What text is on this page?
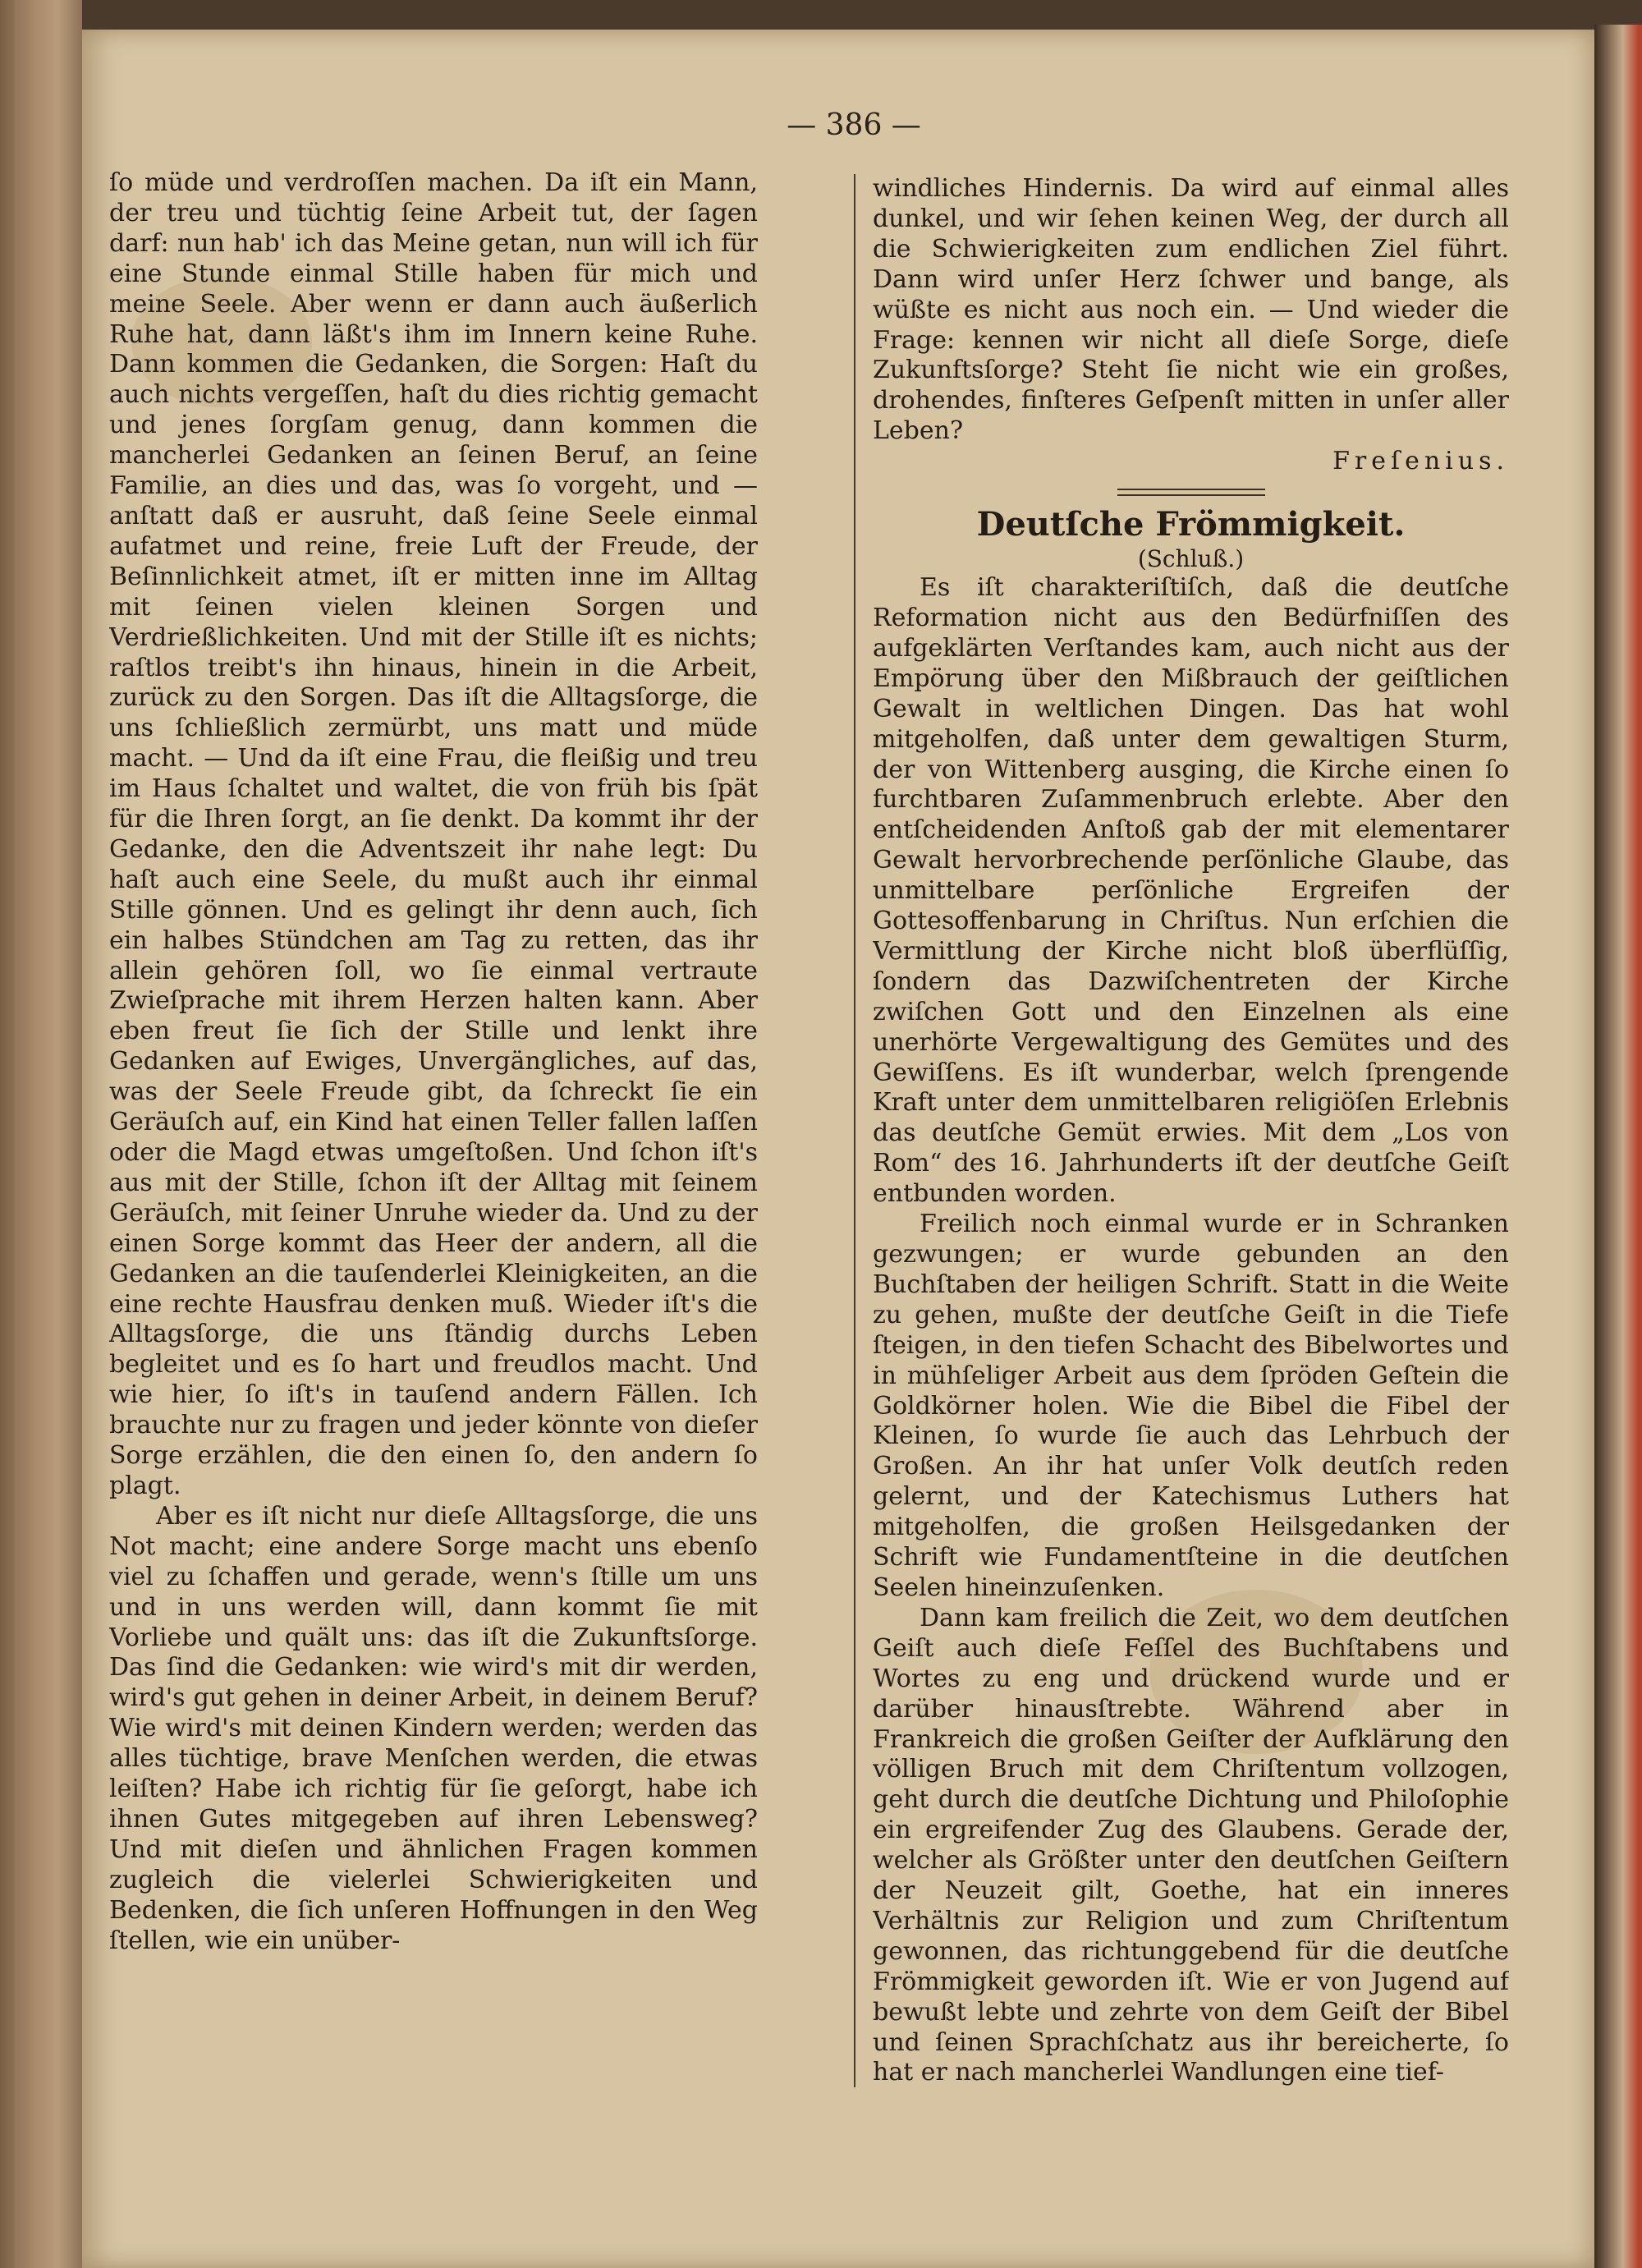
— 386 —

ſo müde und verdroſſen machen. Da iſt ein Mann, der treu und tüchtig ſeine Arbeit tut, der ſagen darf: nun hab' ich das Meine getan, nun will ich für eine Stunde einmal Stille haben für mich und meine Seele. Aber wenn er dann auch äußerlich Ruhe hat, dann läßt's ihm im Innern keine Ruhe. Dann kommen die Gedanken, die Sorgen: Haſt du auch nichts vergeſſen, haſt du dies richtig gemacht und jenes ſorgſam genug, dann kommen die mancherlei Gedanken an ſeinen Beruf, an ſeine Familie, an dies und das, was ſo vorgeht, und — anſtatt daß er ausruht, daß ſeine Seele einmal aufatmet und reine, freie Luft der Freude, der Beſinnlichkeit atmet, iſt er mitten inne im Alltag mit ſeinen vielen kleinen Sorgen und Verdrießlichkeiten. Und mit der Stille iſt es nichts; raſtlos treibt's ihn hinaus, hinein in die Arbeit, zurück zu den Sorgen. Das iſt die Alltagsſorge, die uns ſchließlich zermürbt, uns matt und müde macht. — Und da iſt eine Frau, die fleißig und treu im Haus ſchaltet und waltet, die von früh bis ſpät für die Ihren ſorgt, an ſie denkt. Da kommt ihr der Gedanke, den die Adventszeit ihr nahe legt: Du haſt auch eine Seele, du mußt auch ihr einmal Stille gönnen. Und es gelingt ihr denn auch, ſich ein halbes Stündchen am Tag zu retten, das ihr allein gehören ſoll, wo ſie einmal vertraute Zwieſprache mit ihrem Herzen halten kann. Aber eben freut ſie ſich der Stille und lenkt ihre Gedanken auf Ewiges, Unvergängliches, auf das, was der Seele Freude gibt, da ſchreckt ſie ein Geräuſch auf, ein Kind hat einen Teller fallen laſſen oder die Magd etwas umgeſtoßen. Und ſchon iſt's aus mit der Stille, ſchon iſt der Alltag mit ſeinem Geräuſch, mit ſeiner Unruhe wieder da. Und zu der einen Sorge kommt das Heer der andern, all die Gedanken an die tauſenderlei Kleinigkeiten, an die eine rechte Hausfrau denken muß. Wieder iſt's die Alltagsſorge, die uns ſtändig durchs Leben begleitet und es ſo hart und freudlos macht. Und wie hier, ſo iſt's in tauſend andern Fällen. Ich brauchte nur zu fragen und jeder könnte von dieſer Sorge erzählen, die den einen ſo, den andern ſo plagt.

Aber es iſt nicht nur dieſe Alltagsſorge, die uns Not macht; eine andere Sorge macht uns ebenſo viel zu ſchaffen und gerade, wenn's ſtille um uns und in uns werden will, dann kommt ſie mit Vorliebe und quält uns: das iſt die Zukunftsſorge. Das ſind die Gedanken: wie wird's mit dir werden, wird's gut gehen in deiner Arbeit, in deinem Beruf? Wie wird's mit deinen Kindern werden; werden das alles tüchtige, brave Menſchen werden, die etwas leiſten? Habe ich richtig für ſie geſorgt, habe ich ihnen Gutes mitgegeben auf ihren Lebensweg? Und mit dieſen und ähnlichen Fragen kommen zugleich die vielerlei Schwierigkeiten und Bedenken, die ſich unſeren Hoffnungen in den Weg ſtellen, wie ein unüber-

windliches Hindernis. Da wird auf einmal alles dunkel, und wir ſehen keinen Weg, der durch all die Schwierigkeiten zum endlichen Ziel führt. Dann wird unſer Herz ſchwer und bange, als wüßte es nicht aus noch ein. — Und wieder die Frage: kennen wir nicht all dieſe Sorge, dieſe Zukunftsſorge? Steht ſie nicht wie ein großes, drohendes, finſteres Geſpenſt mitten in unſer aller Leben?

Freſenius.

Deutſche Frömmigkeit.

(Schluß.)

Es iſt charakteriſtiſch, daß die deutſche Reformation nicht aus den Bedürfniſſen des aufgeklärten Verſtandes kam, auch nicht aus der Empörung über den Mißbrauch der geiſtlichen Gewalt in weltlichen Dingen. Das hat wohl mitgeholfen, daß unter dem gewaltigen Sturm, der von Wittenberg ausging, die Kirche einen ſo furchtbaren Zuſammenbruch erlebte. Aber den entſcheidenden Anſtoß gab der mit elementarer Gewalt hervorbrechende perſönliche Glaube, das unmittelbare perſönliche Ergreifen der Gottesoffenbarung in Chriſtus. Nun erſchien die Vermittlung der Kirche nicht bloß überflüſſig, ſondern das Dazwiſchentreten der Kirche zwiſchen Gott und den Einzelnen als eine unerhörte Vergewaltigung des Gemütes und des Gewiſſens. Es iſt wunderbar, welch ſprengende Kraft unter dem unmittelbaren religiöſen Erlebnis das deutſche Gemüt erwies. Mit dem „Los von Rom“ des 16. Jahrhunderts iſt der deutſche Geiſt entbunden worden.

Freilich noch einmal wurde er in Schranken gezwungen; er wurde gebunden an den Buchſtaben der heiligen Schrift. Statt in die Weite zu gehen, mußte der deutſche Geiſt in die Tiefe ſteigen, in den tiefen Schacht des Bibelwortes und in mühſeliger Arbeit aus dem ſpröden Geſtein die Goldkörner holen. Wie die Bibel die Fibel der Kleinen, ſo wurde ſie auch das Lehrbuch der Großen. An ihr hat unſer Volk deutſch reden gelernt, und der Katechismus Luthers hat mitgeholfen, die großen Heilsgedanken der Schrift wie Fundamentſteine in die deutſchen Seelen hineinzuſenken.

Dann kam freilich die Zeit, wo dem deutſchen Geiſt auch dieſe Feſſel des Buchſtabens und Wortes zu eng und drückend wurde und er darüber hinausſtrebte. Während aber in Frankreich die großen Geiſter der Aufklärung den völligen Bruch mit dem Chriſtentum vollzogen, geht durch die deutſche Dichtung und Philoſophie ein ergreifender Zug des Glaubens. Gerade der, welcher als Größter unter den deutſchen Geiſtern der Neuzeit gilt, Goethe, hat ein inneres Verhältnis zur Religion und zum Chriſtentum gewonnen, das richtunggebend für die deutſche Frömmigkeit geworden iſt. Wie er von Jugend auf bewußt lebte und zehrte von dem Geiſt der Bibel und ſeinen Sprachſchatz aus ihr bereicherte, ſo hat er nach mancherlei Wandlungen eine tief-
